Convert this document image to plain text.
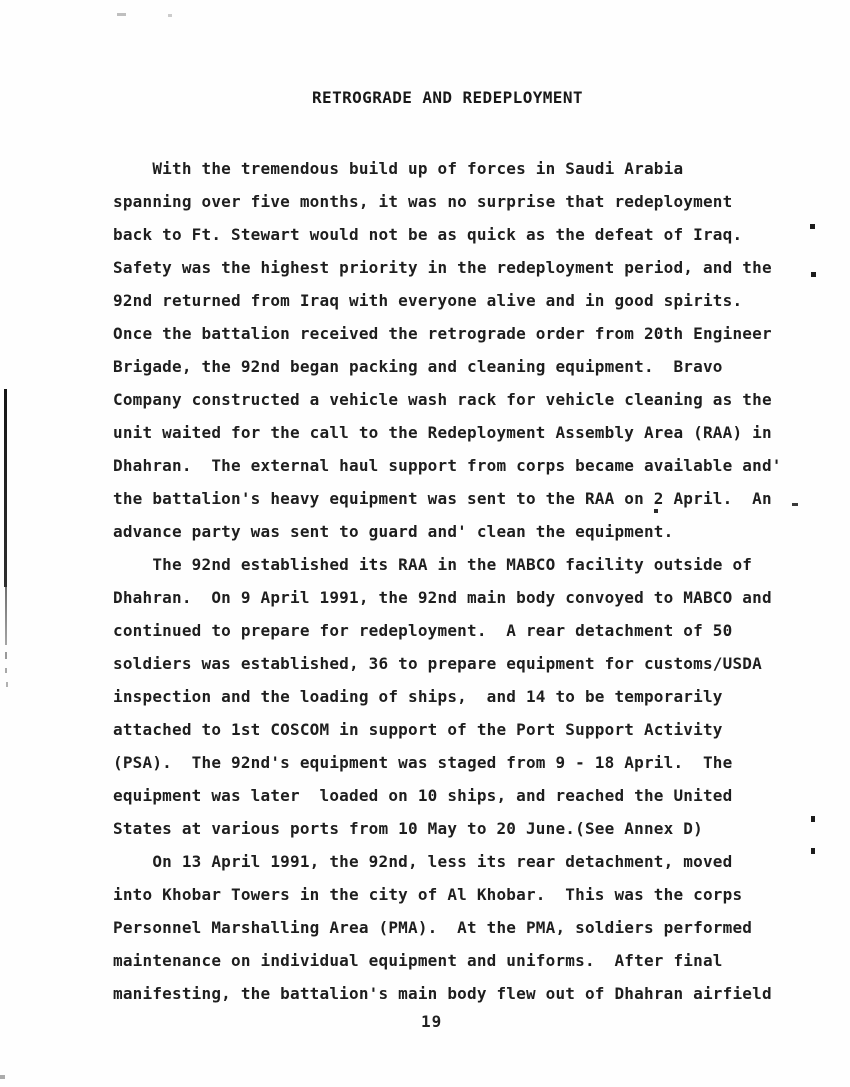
RETROGRADE AND REDEPLOYMENT
With the tremendous build up of forces in Saudi Arabia
spanning over five months, it was no surprise that redeployment
back to Ft. Stewart would not be as quick as the defeat of Iraq.
Safety was the highest priority in the redeployment period, and the
92nd returned from Iraq with everyone alive and in good spirits.
Once the battalion received the retrograde order from 20th Engineer
Brigade, the 92nd began packing and cleaning equipment.  Bravo
Company constructed a vehicle wash rack for vehicle cleaning as the
unit waited for the call to the Redeployment Assembly Area (RAA) in
Dhahran.  The external haul support from corps became available and'
the battalion's heavy equipment was sent to the RAA on 2 April.  An
advance party was sent to guard and' clean the equipment.
The 92nd established its RAA in the MABCO facility outside of
Dhahran.  On 9 April 1991, the 92nd main body convoyed to MABCO and
continued to prepare for redeployment.  A rear detachment of 50
soldiers was established, 36 to prepare equipment for customs/USDA
inspection and the loading of ships,  and 14 to be temporarily
attached to 1st COSCOM in support of the Port Support Activity
(PSA).  The 92nd's equipment was staged from 9 - 18 April.  The
equipment was later  loaded on 10 ships, and reached the United
States at various ports from 10 May to 20 June.(See Annex D)
On 13 April 1991, the 92nd, less its rear detachment, moved
into Khobar Towers in the city of Al Khobar.  This was the corps
Personnel Marshalling Area (PMA).  At the PMA, soldiers performed
maintenance on individual equipment and uniforms.  After final
manifesting, the battalion's main body flew out of Dhahran airfield
19
